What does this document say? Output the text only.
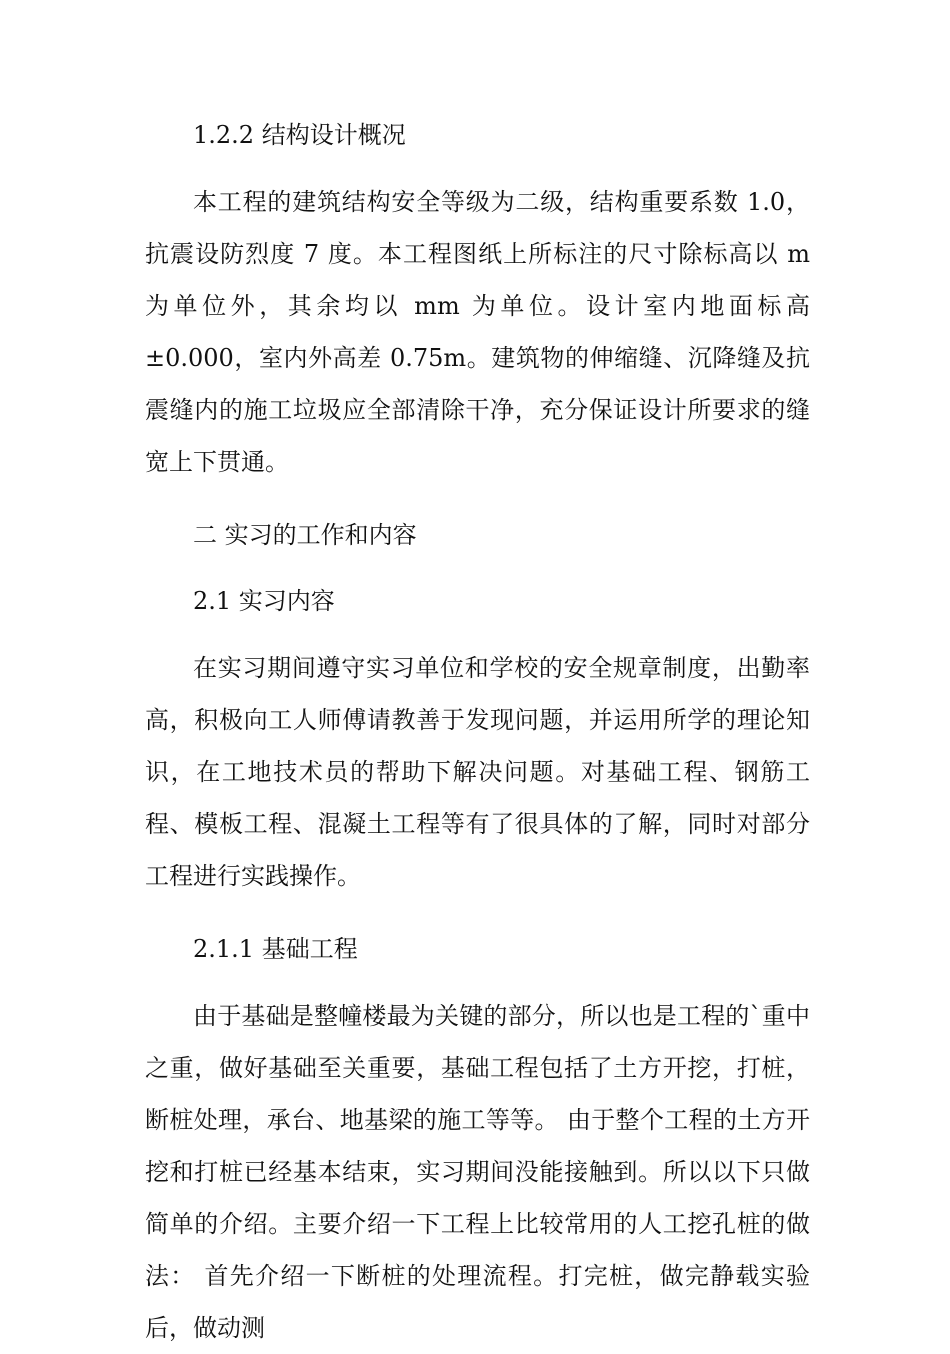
1.2.2 结构设计概况

本工程的建筑结构安全等级为二级，结构重要系数 1.0，抗震设防烈度 7 度。本工程图纸上所标注的尺寸除标高以 m 为单位外，其余均以 mm 为单位。设计室内地面标高±0.000，室内外高差 0.75m。建筑物的伸缩缝、沉降缝及抗震缝内的施工垃圾应全部清除干净，充分保证设计所要求的缝宽上下贯通。

二 实习的工作和内容

2.1 实习内容

在实习期间遵守实习单位和学校的安全规章制度，出勤率高，积极向工人师傅请教善于发现问题，并运用所学的理论知识，在工地技术员的帮助下解决问题。对基础工程、钢筋工程、模板工程、混凝土工程等有了很具体的了解，同时对部分工程进行实践操作。

2.1.1 基础工程

由于基础是整幢楼最为关键的部分，所以也是工程的`重中之重，做好基础至关重要，基础工程包括了土方开挖，打桩，断桩处理，承台、地基梁的施工等等。 由于整个工程的土方开挖和打桩已经基本结束，实习期间没能接触到。所以以下只做简单的介绍。主要介绍一下工程上比较常用的人工挖孔桩的做法： 首先介绍一下断桩的处理流程。打完桩，做完静载实验后，做动测
